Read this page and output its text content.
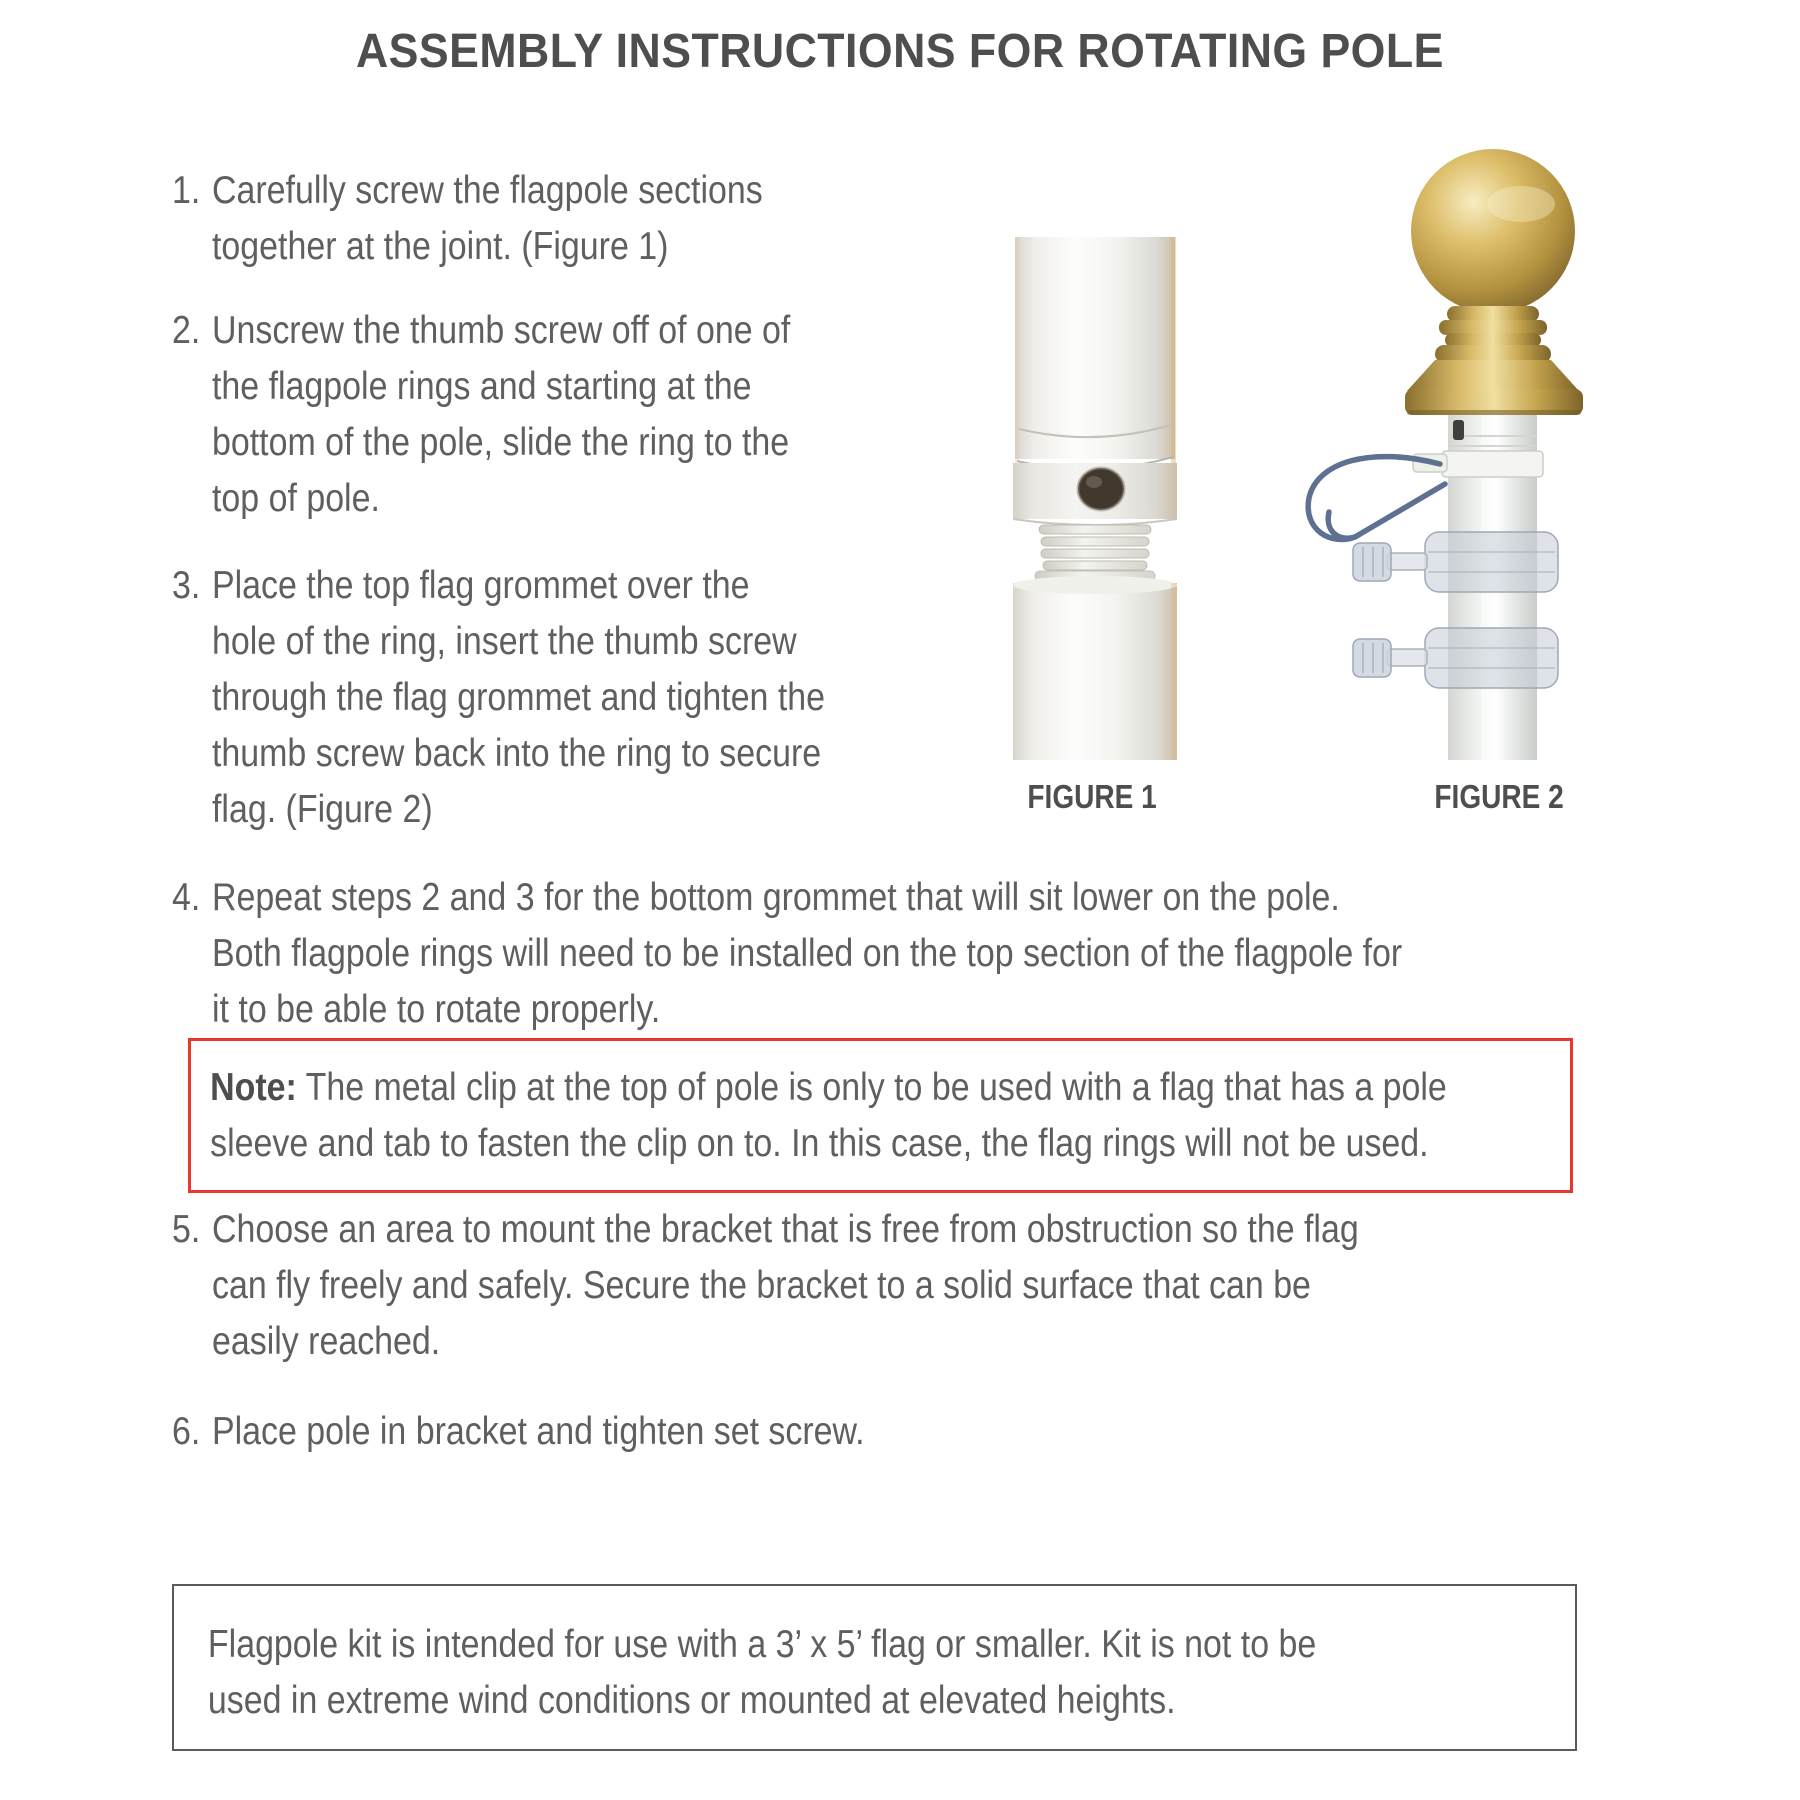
ASSEMBLY INSTRUCTIONS FOR ROTATING POLE
1. Carefully screw the flagpole sections
together at the joint. (Figure 1)
2. Unscrew the thumb screw off of one of
the flagpole rings and starting at the
bottom of the pole, slide the ring to the
top of pole.
3. Place the top flag grommet over the
hole of the ring, insert the thumb screw
through the flag grommet and tighten the
thumb screw back into the ring to secure
flag. (Figure 2)
4. Repeat steps 2 and 3 for the bottom grommet that will sit lower on the pole.
Both flagpole rings will need to be installed on the top section of the flagpole for
it to be able to rotate properly.
5. Choose an area to mount the bracket that is free from obstruction so the flag
can fly freely and safely. Secure the bracket to a solid surface that can be
easily reached.
6. Place pole in bracket and tighten set screw.
Note: The metal clip at the top of pole is only to be used with a flag that has a pole
sleeve and tab to fasten the clip on to. In this case, the flag rings will not be used.
FIGURE 1	FIGURE 2
Flagpole kit is intended for use with a 3’ x 5’ flag or smaller. Kit is not to be
used in extreme wind conditions or mounted at elevated heights.
